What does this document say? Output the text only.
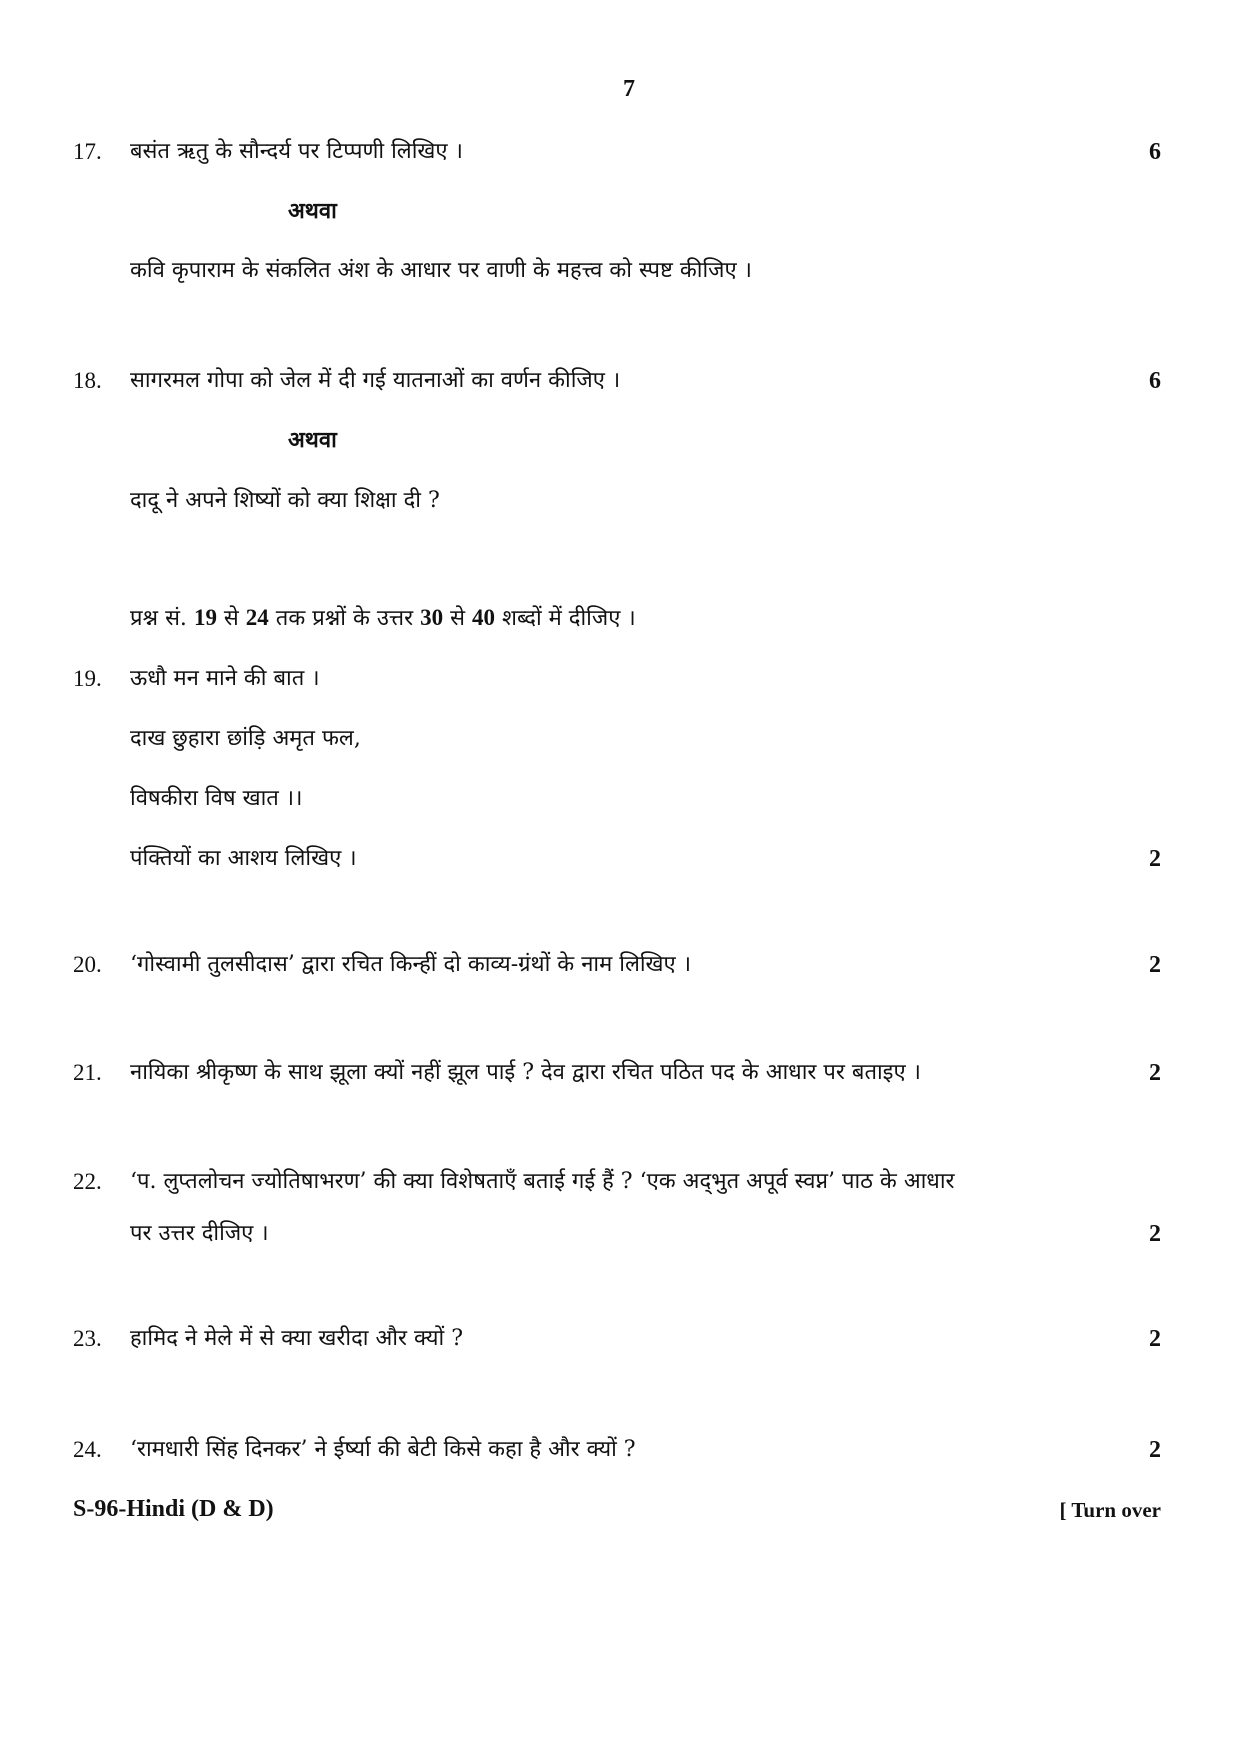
7
17. बसंत ऋतु के सौन्दर्य पर टिप्पणी लिखिए ।	6
अथवा
कवि कृपाराम के संकलित अंश के आधार पर वाणी के महत्त्व को स्पष्ट कीजिए ।
18. सागरमल गोपा को जेल में दी गई यातनाओं का वर्णन कीजिए ।	6
अथवा
दादू ने अपने शिष्यों को क्या शिक्षा दी ?
प्रश्न सं. 19 से 24 तक प्रश्नों के उत्तर 30 से 40 शब्दों में दीजिए ।
19. ऊधौ मन माने की बात ।
दाख छुहारा छांड़ि अमृत फल,
विषकीरा विष खात ।।
पंक्तियों का आशय लिखिए ।	2
20. ‘गोस्वामी तुलसीदास’ द्वारा रचित किन्हीं दो काव्य-ग्रंथों के नाम लिखिए ।	2
21. नायिका श्रीकृष्ण के साथ झूला क्यों नहीं झूल पाई ? देव द्वारा रचित पठित पद के आधार पर बताइए ।	2
22. ‘प. लुप्तलोचन ज्योतिषाभरण’ की क्या विशेषताएँ बताई गई हैं ? ‘एक अद्‌भुत अपूर्व स्वप्न’ पाठ के आधार
पर उत्तर दीजिए ।	2
23. हामिद ने मेले में से क्या खरीदा और क्यों ?	2
24. ‘रामधारी सिंह दिनकर’ ने ईर्ष्या की बेटी किसे कहा है और क्यों ?	2
S-96-Hindi (D & D)	[ Turn over
